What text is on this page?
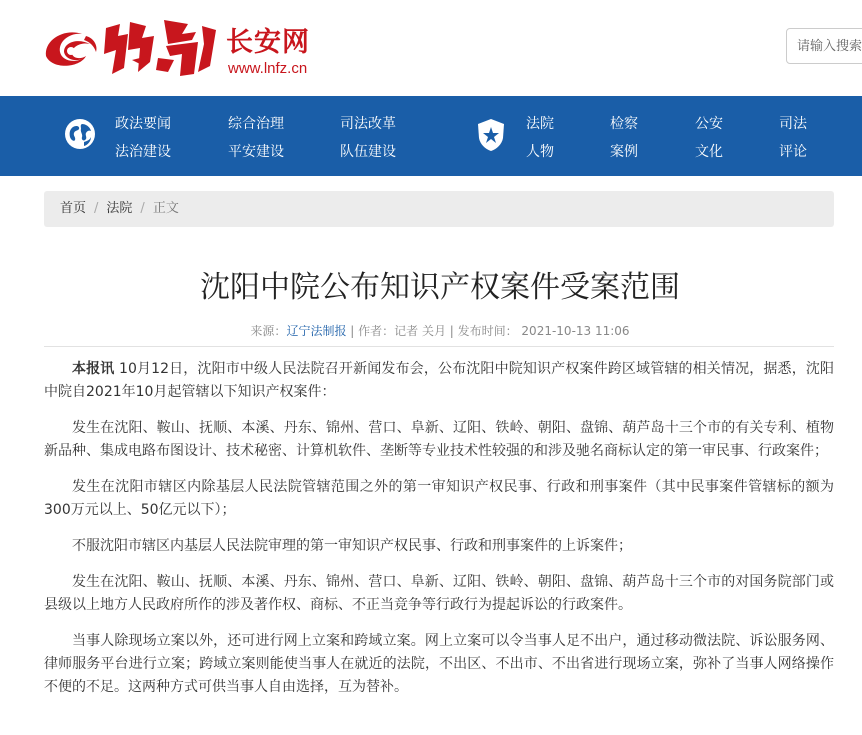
长安网
www.lnfz.cn
请输入搜索
政法要闻
法治建设
综合治理
平安建设
司法改革
队伍建设
法院
人物
检察
案例
公安
文化
司法
评论
首页 / 法院 / 正文
沈阳中院公布知识产权案件受案范围
来源：辽宁法制报 | 作者：记者 关月 | 发布时间： 2021-10-13 11:06

本报讯 10月12日，沈阳市中级人民法院召开新闻发布会，公布沈阳中院知识产权案件跨区域管辖的相关情况，据悉，沈阳中院自2021年10月起管辖以下知识产权案件：

发生在沈阳、鞍山、抚顺、本溪、丹东、锦州、营口、阜新、辽阳、铁岭、朝阳、盘锦、葫芦岛十三个市的有关专利、植物新品种、集成电路布图设计、技术秘密、计算机软件、垄断等专业技术性较强的和涉及驰名商标认定的第一审民事、行政案件；

发生在沈阳市辖区内除基层人民法院管辖范围之外的第一审知识产权民事、行政和刑事案件（其中民事案件管辖标的额为300万元以上、50亿元以下）；

不服沈阳市辖区内基层人民法院审理的第一审知识产权民事、行政和刑事案件的上诉案件；

发生在沈阳、鞍山、抚顺、本溪、丹东、锦州、营口、阜新、辽阳、铁岭、朝阳、盘锦、葫芦岛十三个市的对国务院部门或县级以上地方人民政府所作的涉及著作权、商标、不正当竞争等行政行为提起诉讼的行政案件。

当事人除现场立案以外，还可进行网上立案和跨域立案。网上立案可以令当事人足不出户，通过移动微法院、诉讼服务网、律师服务平台进行立案；跨域立案则能使当事人在就近的法院，不出区、不出市、不出省进行现场立案，弥补了当事人网络操作不便的不足。这两种方式可供当事人自由选择，互为替补。
